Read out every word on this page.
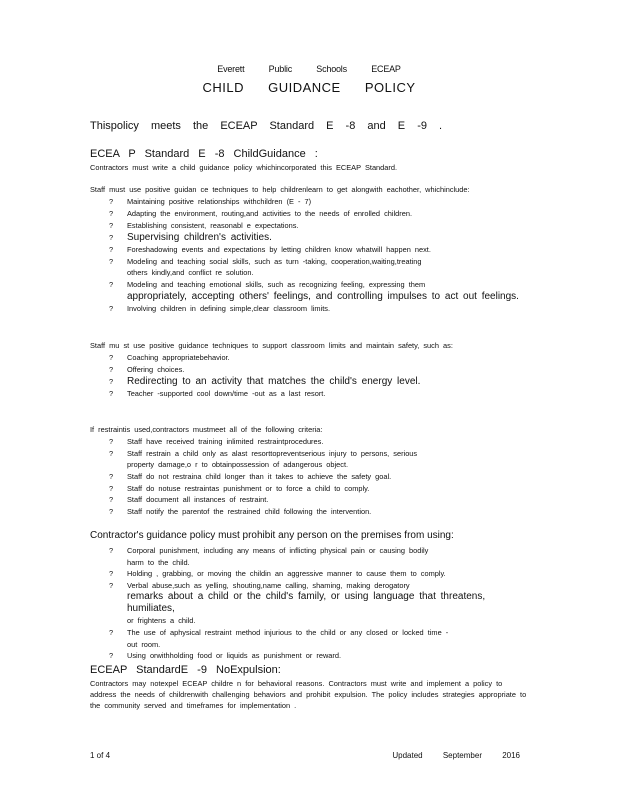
Everett Public Schools ECEAP
CHILD GUIDANCE POLICY
Thispolicy meets the ECEAP Standard E -8 and E -9 .
ECEA P Standard E -8 ChildGuidance :

Contractors must write a child guidance policy whichincorporated this ECEAP Standard.

Staff must use positive guidan ce techniques to help childrenlearn to get alongwith eachother, whichinclude:

? Maintaining positive relationships withchildren (E - 7)
? Adapting the environment, routing,and activities to the needs of enrolled children.
? Establishing consistent, reasonabl e expectations.
? Supervising children's activities.
? Foreshadowing events and expectations by letting children know whatwill happen next.
? Modeling and teaching social skills, such as turn -taking, cooperation,waiting,treating
others kindly,and conflict re solution.
? Modeling and teaching emotional skills, such as recognizing feeling, expressing them
appropriately, accepting others' feelings, and controlling impulses to act out feelings.
? Involving children in defining simple,clear classroom limits.

Staff mu st use positive guidance techniques to support classroom limits and maintain safety, such as:

? Coaching appropriatebehavior.
? Offering choices.
? Redirecting to an activity that matches the child's energy level.
? Teacher -supported cool down/time -out as a last resort.

If restraintis used,contractors mustmeet all of the following criteria:

? Staff have received training inlimited restraintprocedures.
? Staff restrain a child only as alast resorttopreventserious injury to persons, serious
property damage,o r to obtainpossession of adangerous object.
? Staff do not restraina child longer than it takes to achieve the safety goal.
? Staff do notuse restraintas punishment or to force a child to comply.
? Staff document all instances of restraint.
? Staff notify the parentof the restrained child following the intervention.
Contractor's guidance policy must prohibit any person on the premises from using:
? Corporal punishment, including any means of inflicting physical pain or causing bodily
harm to the child.
? Holding , grabbing, or moving the childin an aggressive manner to cause them to comply.
? Verbal abuse,such as yelling, shouting,name calling, shaming, making derogatory
remarks about a child or the child's family, or using language that threatens, humiliates,
or frightens a child.
? The use of aphysical restraint method injurious to the child or any closed or locked time -
out room.
? Using orwithholding food or liquids as punishment or reward.
ECEAP StandardE -9 NoExpulsion:

Contractors may notexpel ECEAP childre n for behavioral reasons. Contractors must write and implement a policy to address the needs of childrenwith challenging behaviors and prohibit expulsion. The policy includes strategies appropriate to the community served and timeframes for implementation .

1 of 4	Updated September 2016
